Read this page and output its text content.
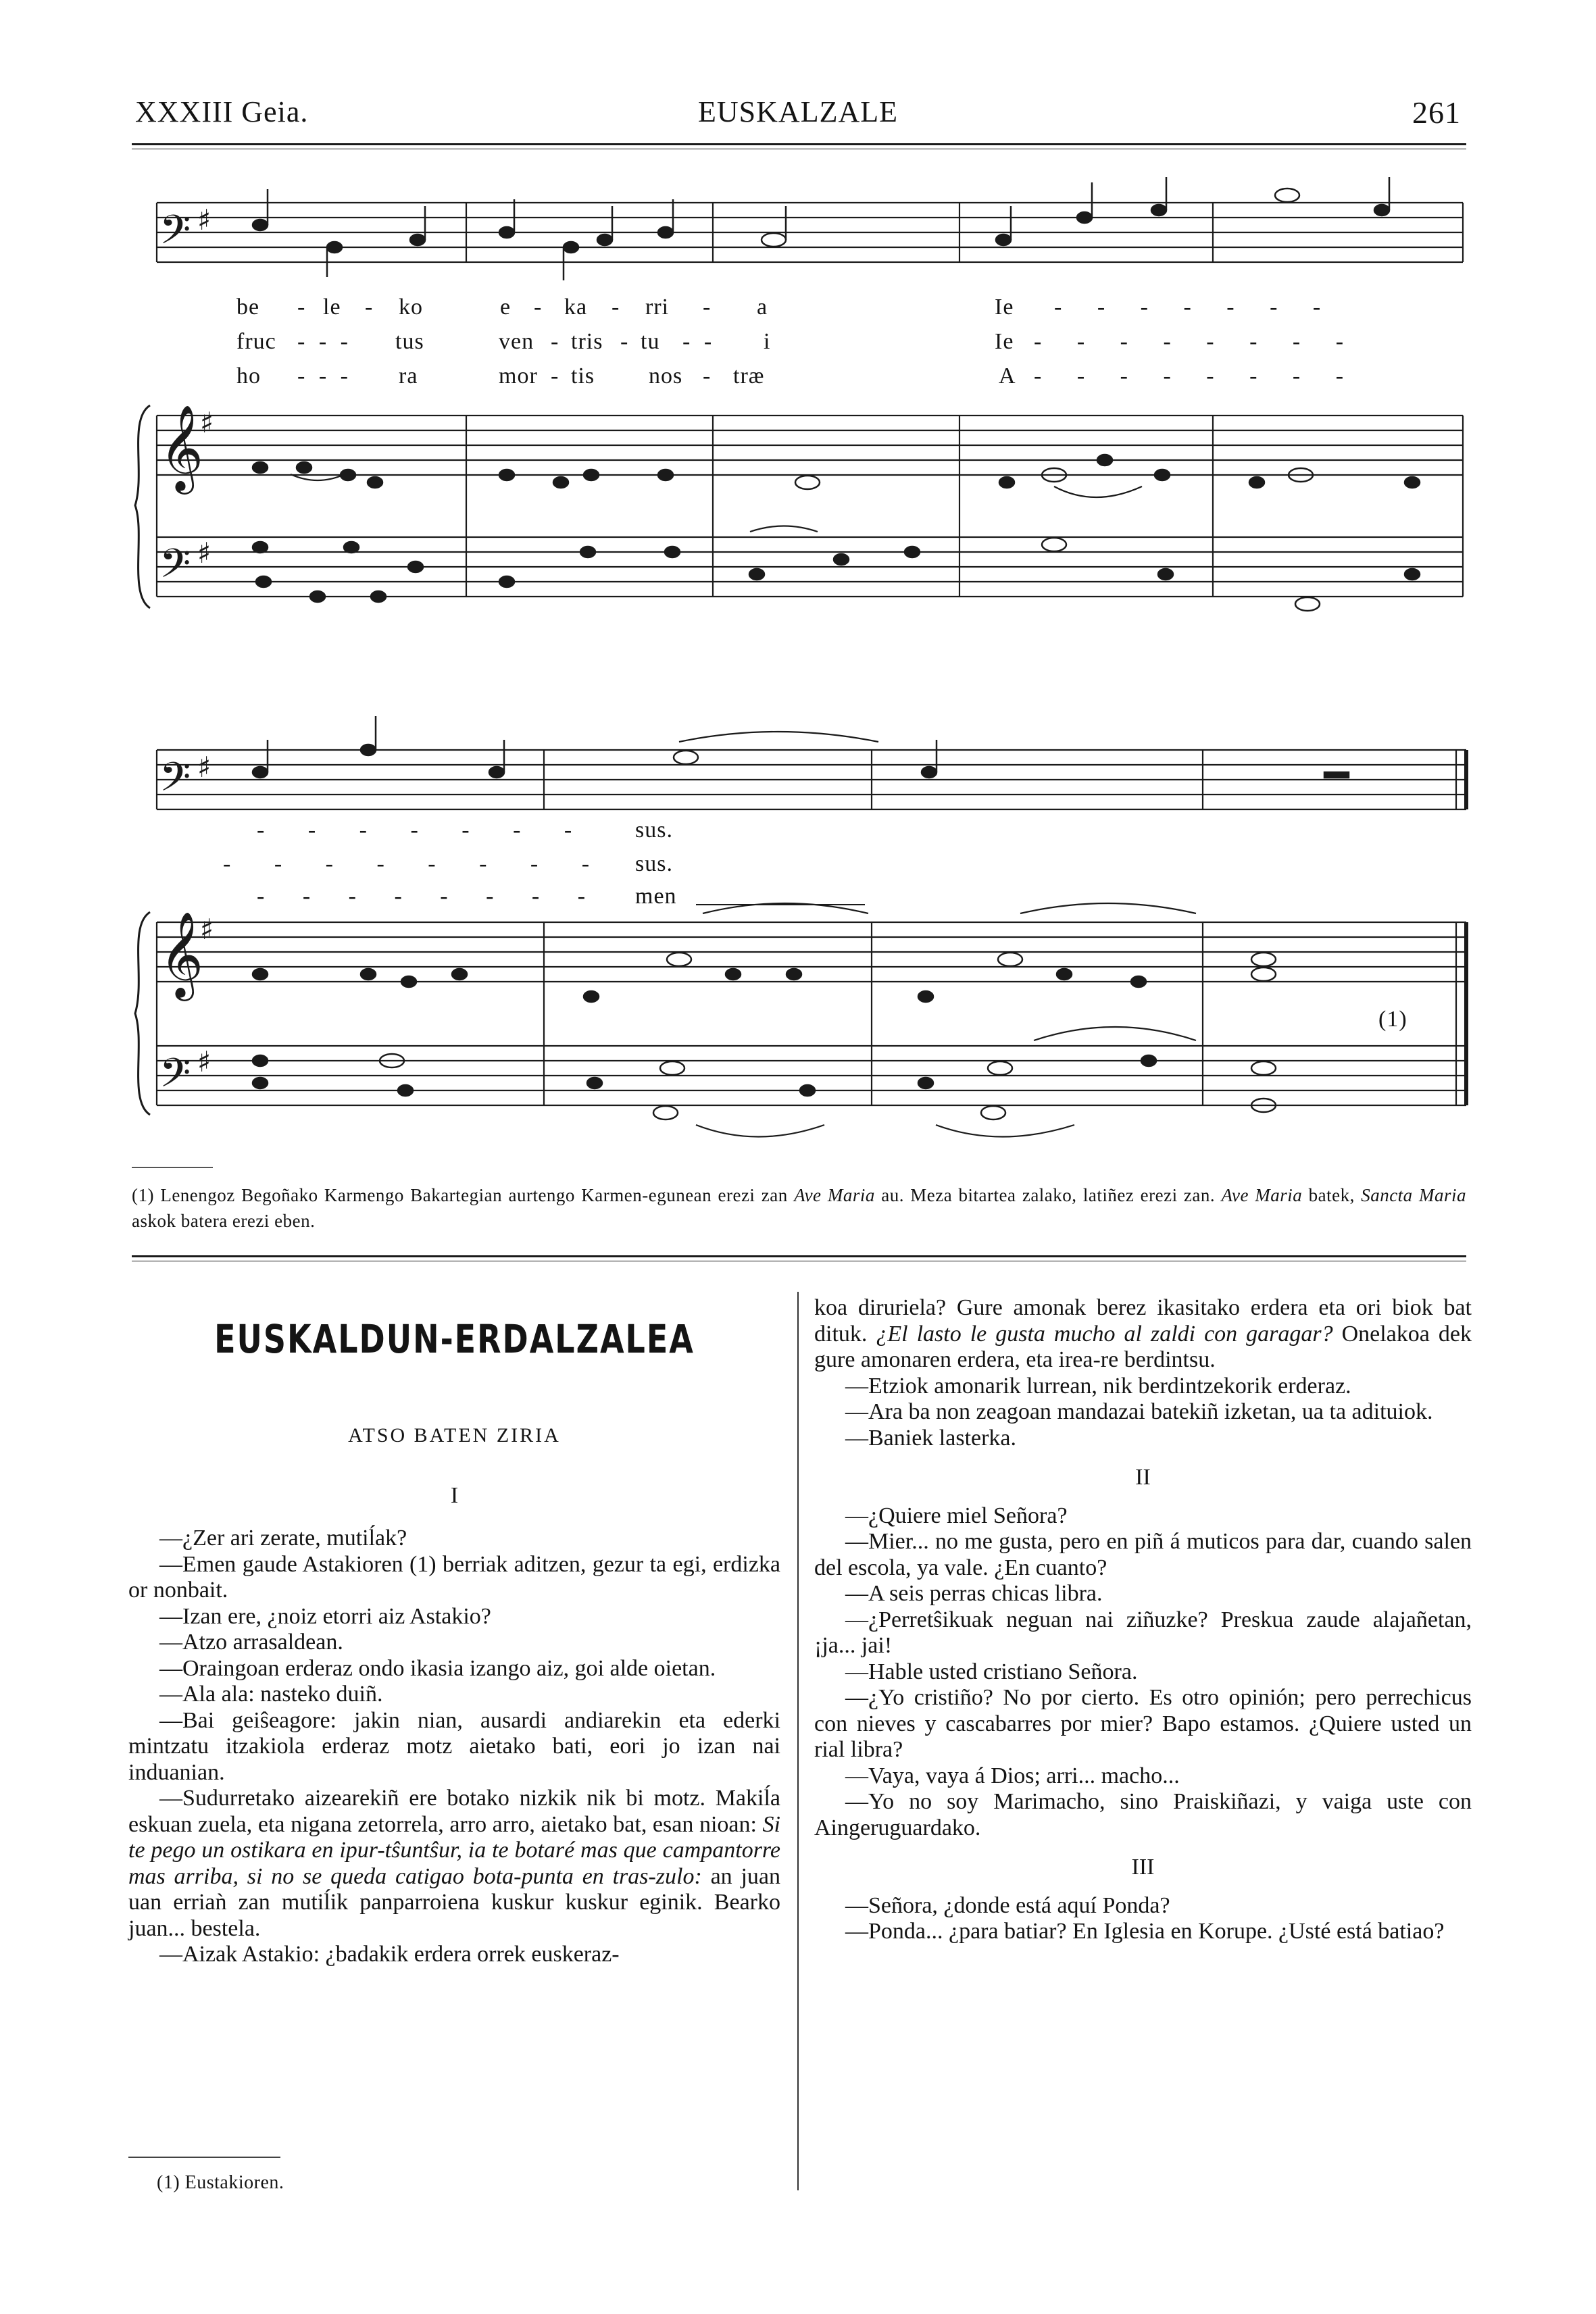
XXXIII Geia.	EUSKALZALE	261
𝄢 ♯
𝄞
♯
𝄢 ♯
𝄢 ♯
𝄞
♯
𝄢 ♯
be - le - ko	e - ka - rri - a	Ie - - - - - - -
fruc - - - tus	ven - tris - tu - - i	Ie - - - - - - - -
ho - - - ra	mor - tis nos - træ	A - - - - - - - -
- - - - - - - sus.
- - - - - - - - sus.
- - - - - - - - men
(1)
(1) Lenengoz Begoñako Karmengo Bakartegian aurtengo Karmen-egunean erezi zan Ave Maria au. Meza bitartea zalako, latiñez erezi zan. Ave Maria batek, Sancta Maria askok batera erezi eben.
EUSKALDUN-ERDALZALEA
ATSO BATEN ZIRIA
I

—¿Zer ari zerate, mutiĺak?

—Emen gaude Astakioren (1) berriak aditzen, gezur ta egi, erdizka or nonbait.

—Izan ere, ¿noiz etorri aiz Astakio?

—Atzo arrasaldean.

—Oraingoan erderaz ondo ikasia izango aiz, goi alde oietan.

—Ala ala: nasteko duiñ.

—Bai geiŝeagore: jakin nian, ausardi andiarekin eta ederki mintzatu itzakiola erderaz motz aietako bati, eori jo izan nai induanian.

—Sudurretako aizearekiñ ere botako nizkik nik bi motz. Makiĺa eskuan zuela, eta nigana zetorrela, arro arro, aietako bat, esan nioan: Si te pego un ostikara en ipur-tŝuntŝur, ia te botaré mas que campantorre mas arriba, si no se queda catigao bota-punta en tras-zulo: an juan uan erriaǹ zan mutiĺik panparroiena kuskur kuskur eginik. Bearko juan... bestela.

—Aizak Astakio: ¿badakik erdera orrek euskeraz-

(1) Eustakioren.

koa diruriela? Gure amonak berez ikasitako erdera eta ori biok bat dituk. ¿El lasto le gusta mucho al zaldi con garagar? Onelakoa dek gure amonaren erdera, eta irea-re berdintsu.

—Etziok amonarik lurrean, nik berdintzekorik erderaz.

—Ara ba non zeagoan mandazai batekiñ izketan, ua ta adituiok.

—Baniek lasterka.

II

—¿Quiere miel Señora?

—Mier... no me gusta, pero en piñ á muticos para dar, cuando salen del escola, ya vale. ¿En cuanto?

—A seis perras chicas libra.

—¿Perretŝikuak neguan nai ziñuzke? Preskua zaude alajañetan, ¡ja... jai!

—Hable usted cristiano Señora.

—¿Yo cristiño? No por cierto. Es otro opinión; pero perrechicus con nieves y cascabarres por mier? Bapo estamos. ¿Quiere usted un rial libra?

—Vaya, vaya á Dios; arri... macho...

—Yo no soy Marimacho, sino Praiskiñazi, y vaiga uste con Aingeruguardako.

III

—Señora, ¿donde está aquí Ponda?

—Ponda... ¿para batiar? En Iglesia en Korupe. ¿Usté está batiao?
